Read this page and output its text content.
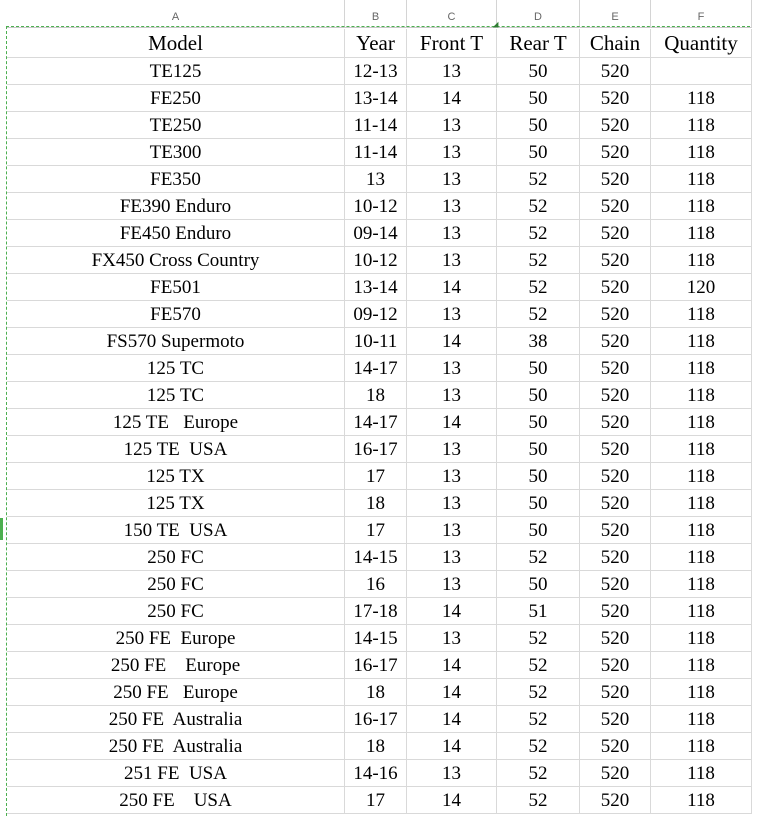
A	B	C	D	E	F
Model	Year	Front T	Rear T	Chain	Quantity
TE125	12-13	13	50	520
FE250	13-14	14	50	520	118
TE250	11-14	13	50	520	118
TE300	11-14	13	50	520	118
FE350	13	13	52	520	118
FE390 Enduro	10-12	13	52	520	118
FE450 Enduro	09-14	13	52	520	118
FX450 Cross Country	10-12	13	52	520	118
FE501	13-14	14	52	520	120
FE570	09-12	13	52	520	118
FS570 Supermoto	10-11	14	38	520	118
125 TC	14-17	13	50	520	118
125 TC	18	13	50	520	118
125 TE   Europe	14-17	14	50	520	118
125 TE  USA	16-17	13	50	520	118
125 TX	17	13	50	520	118
125 TX	18	13	50	520	118
150 TE  USA	17	13	50	520	118
250 FC	14-15	13	52	520	118
250 FC	16	13	50	520	118
250 FC	17-18	14	51	520	118
250 FE  Europe	14-15	13	52	520	118
250 FE    Europe	16-17	14	52	520	118
250 FE   Europe	18	14	52	520	118
250 FE  Australia	16-17	14	52	520	118
250 FE  Australia	18	14	52	520	118
251 FE  USA	14-16	13	52	520	118
250 FE    USA	17	14	52	520	118
